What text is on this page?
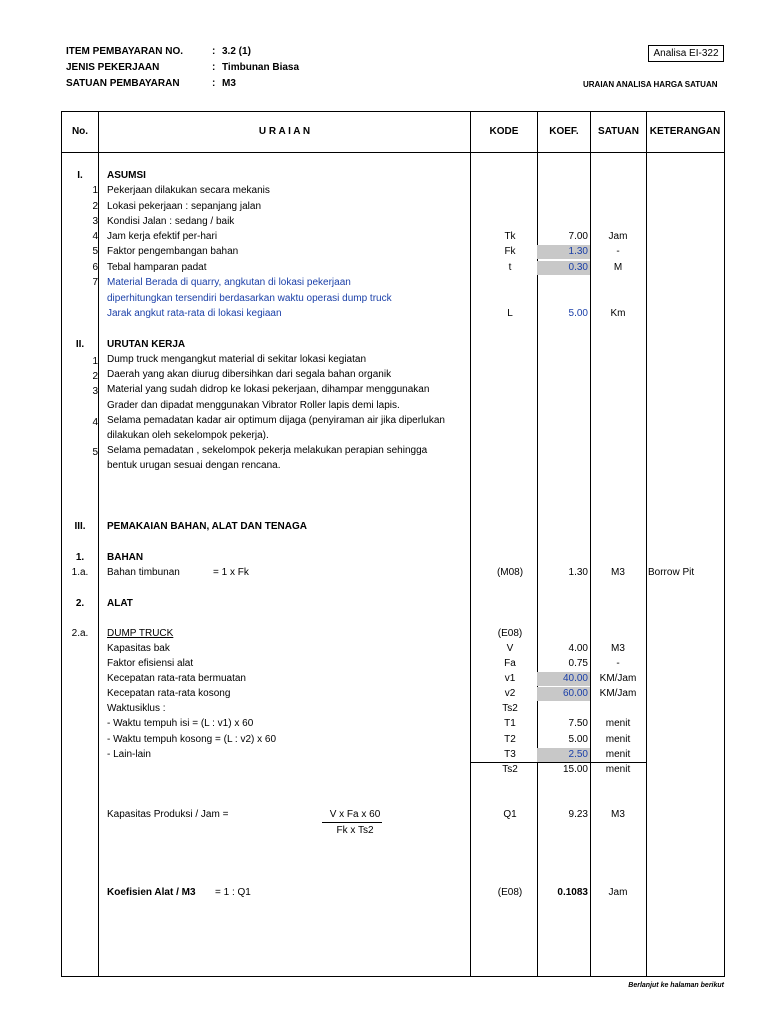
ITEM PEMBAYARAN NO.	: 3.2 (1)
JENIS PEKERJAAN	: Timbunan Biasa
SATUAN PEMBAYARAN	: M3
Analisa EI-322
URAIAN ANALISA HARGA SATUAN
No.	U R A I A N	KODE	KOEF.	SATUAN	KETERANGAN
I.	ASUMSI
1 Pekerjaan dilakukan secara mekanis
2 Lokasi pekerjaan : sepanjang jalan
3 Kondisi Jalan : sedang / baik
4 Jam kerja efektif per-hari	Tk	7.00	Jam
5 Faktor pengembangan bahan	Fk	1.30	-
6 Tebal hamparan padat	t	0.30	M
7 Material Berada di quarry, angkutan di lokasi pekerjaan
diperhitungkan tersendiri berdasarkan waktu operasi dump truck
Jarak angkut rata-rata di lokasi kegiaan	L	5.00	Km
II.	URUTAN KERJA
1 Dump truck mengangkut material di sekitar lokasi kegiatan
2 Daerah yang akan diurug dibersihkan dari segala bahan organik
3 Material yang sudah didrop ke lokasi pekerjaan, dihampar menggunakan
Grader dan dipadat menggunakan Vibrator Roller lapis demi lapis.
4 Selama pemadatan kadar air optimum dijaga (penyiraman air jika diperlukan
dilakukan oleh sekelompok pekerja).
5 Selama pemadatan , sekelompok pekerja melakukan perapian sehingga
bentuk urugan sesuai dengan rencana.
III.	PEMAKAIAN BAHAN, ALAT DAN TENAGA
1.	BAHAN
1.a.	Bahan timbunan	= 1 x Fk	(M08)	1.30	M3	Borrow Pit
2.	ALAT
2.a.	DUMP TRUCK	(E08)
Kapasitas bak	V	4.00	M3
Faktor efisiensi alat	Fa	0.75	-
Kecepatan rata-rata bermuatan	v1	40.00	KM/Jam
Kecepatan rata-rata kosong	v2	60.00	KM/Jam
Waktusiklus :	Ts2
- Waktu tempuh isi = (L : v1) x 60	T1	7.50	menit
- Waktu tempuh kosong = (L : v2) x 60	T2	5.00	menit
- Lain-lain	T3	2.50	menit
Ts2	15.00	menit
Kapasitas Produksi / Jam =	V x Fa x 60
Fk x Ts2
Q1	9.23	M3
Koefisien Alat / M3 = 1 : Q1	(E08)	0.1083	Jam
Berlanjut ke halaman berikut
